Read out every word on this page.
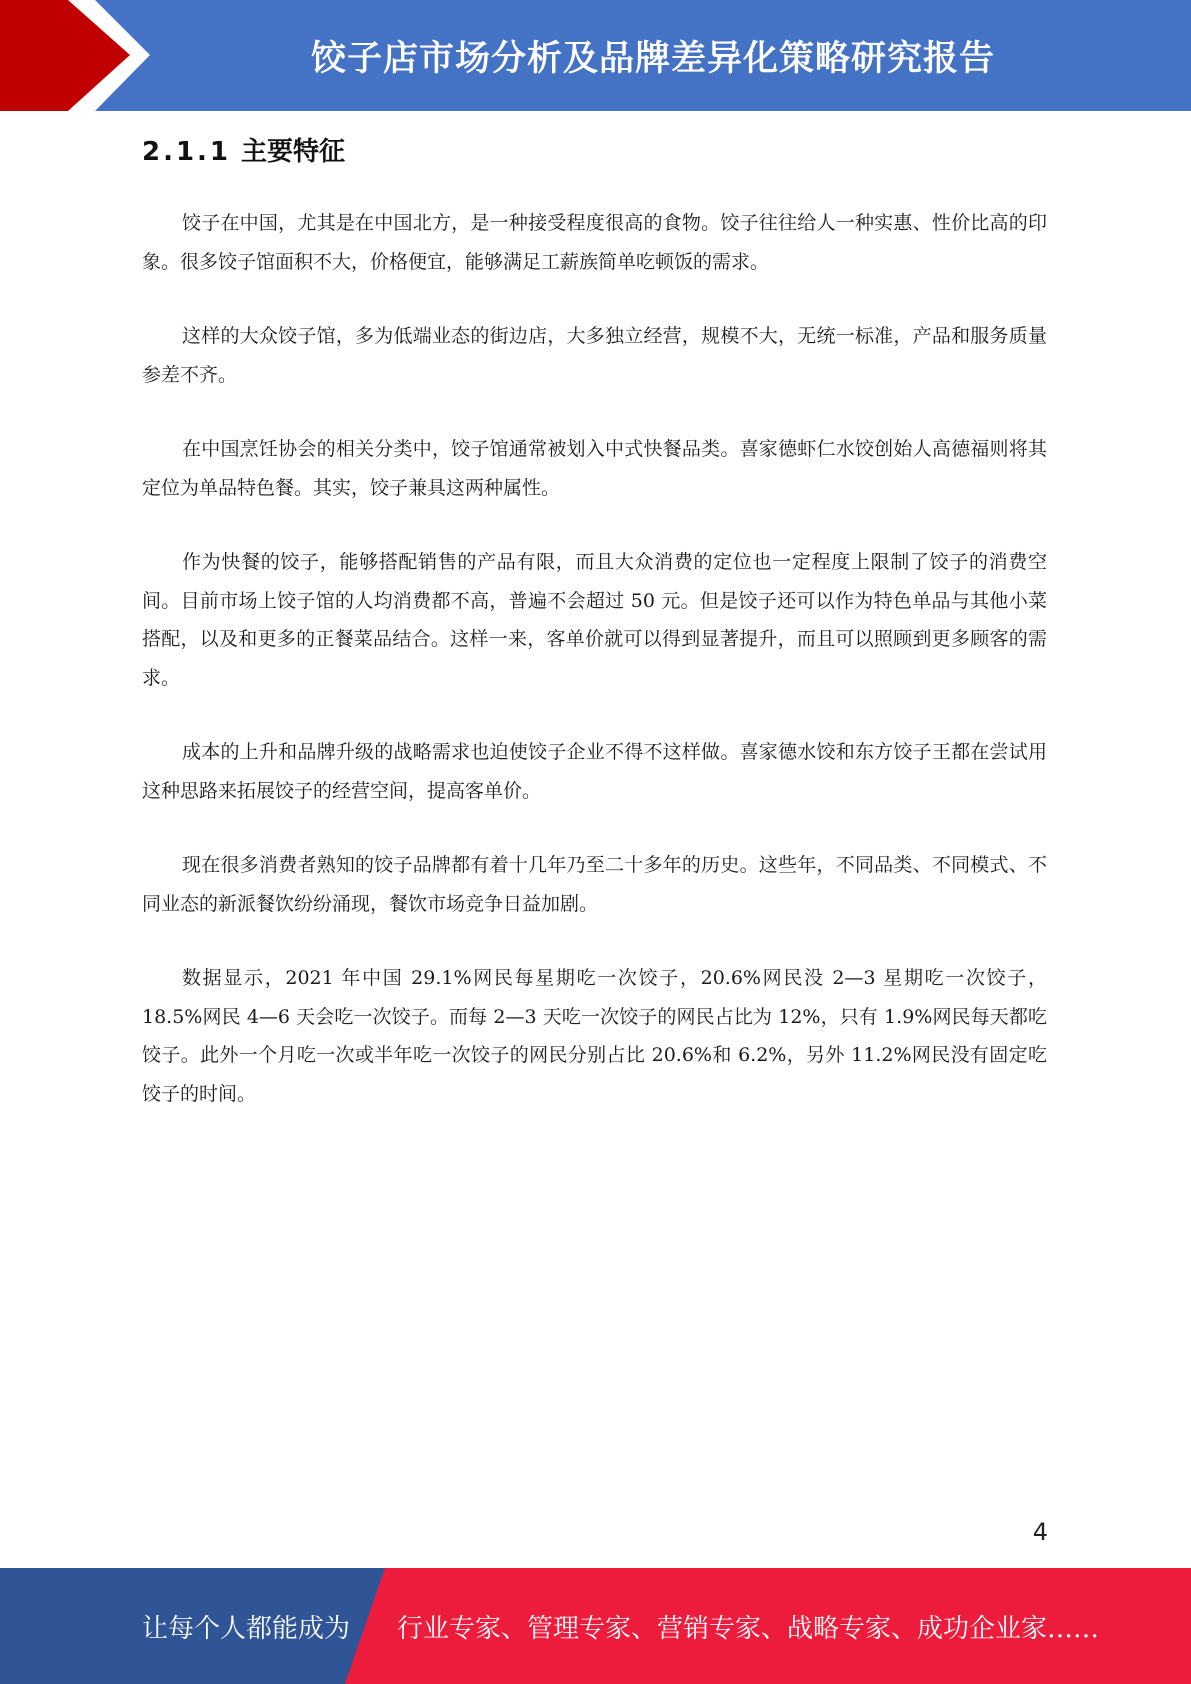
饺子店市场分析及品牌差异化策略研究报告
2.1.1 主要特征

饺子在中国，尤其是在中国北方，是一种接受程度很高的食物。饺子往往给人一种实惠、性价比高的印象。很多饺子馆面积不大，价格便宜，能够满足工薪族简单吃顿饭的需求。

这样的大众饺子馆，多为低端业态的街边店，大多独立经营，规模不大，无统一标准，产品和服务质量参差不齐。

在中国烹饪协会的相关分类中，饺子馆通常被划入中式快餐品类。喜家德虾仁水饺创始人高德福则将其定位为单品特色餐。其实，饺子兼具这两种属性。

作为快餐的饺子，能够搭配销售的产品有限，而且大众消费的定位也一定程度上限制了饺子的消费空间。目前市场上饺子馆的人均消费都不高，普遍不会超过 50 元。但是饺子还可以作为特色单品与其他小菜搭配，以及和更多的正餐菜品结合。这样一来，客单价就可以得到显著提升，而且可以照顾到更多顾客的需求。

成本的上升和品牌升级的战略需求也迫使饺子企业不得不这样做。喜家德水饺和东方饺子王都在尝试用这种思路来拓展饺子的经营空间，提高客单价。

现在很多消费者熟知的饺子品牌都有着十几年乃至二十多年的历史。这些年，不同品类、不同模式、不同业态的新派餐饮纷纷涌现，餐饮市场竞争日益加剧。

数据显示，2021 年中国 29.1%网民每星期吃一次饺子，20.6%网民没 2—3 星期吃一次饺子，18.5%网民 4—6 天会吃一次饺子。而每 2—3 天吃一次饺子的网民占比为 12%，只有 1.9%网民每天都吃饺子。此外一个月吃一次或半年吃一次饺子的网民分别占比 20.6%和 6.2%，另外 11.2%网民没有固定吃饺子的时间。

4
让每个人都能成为 行业专家、管理专家、营销专家、战略专家、成功企业家……
